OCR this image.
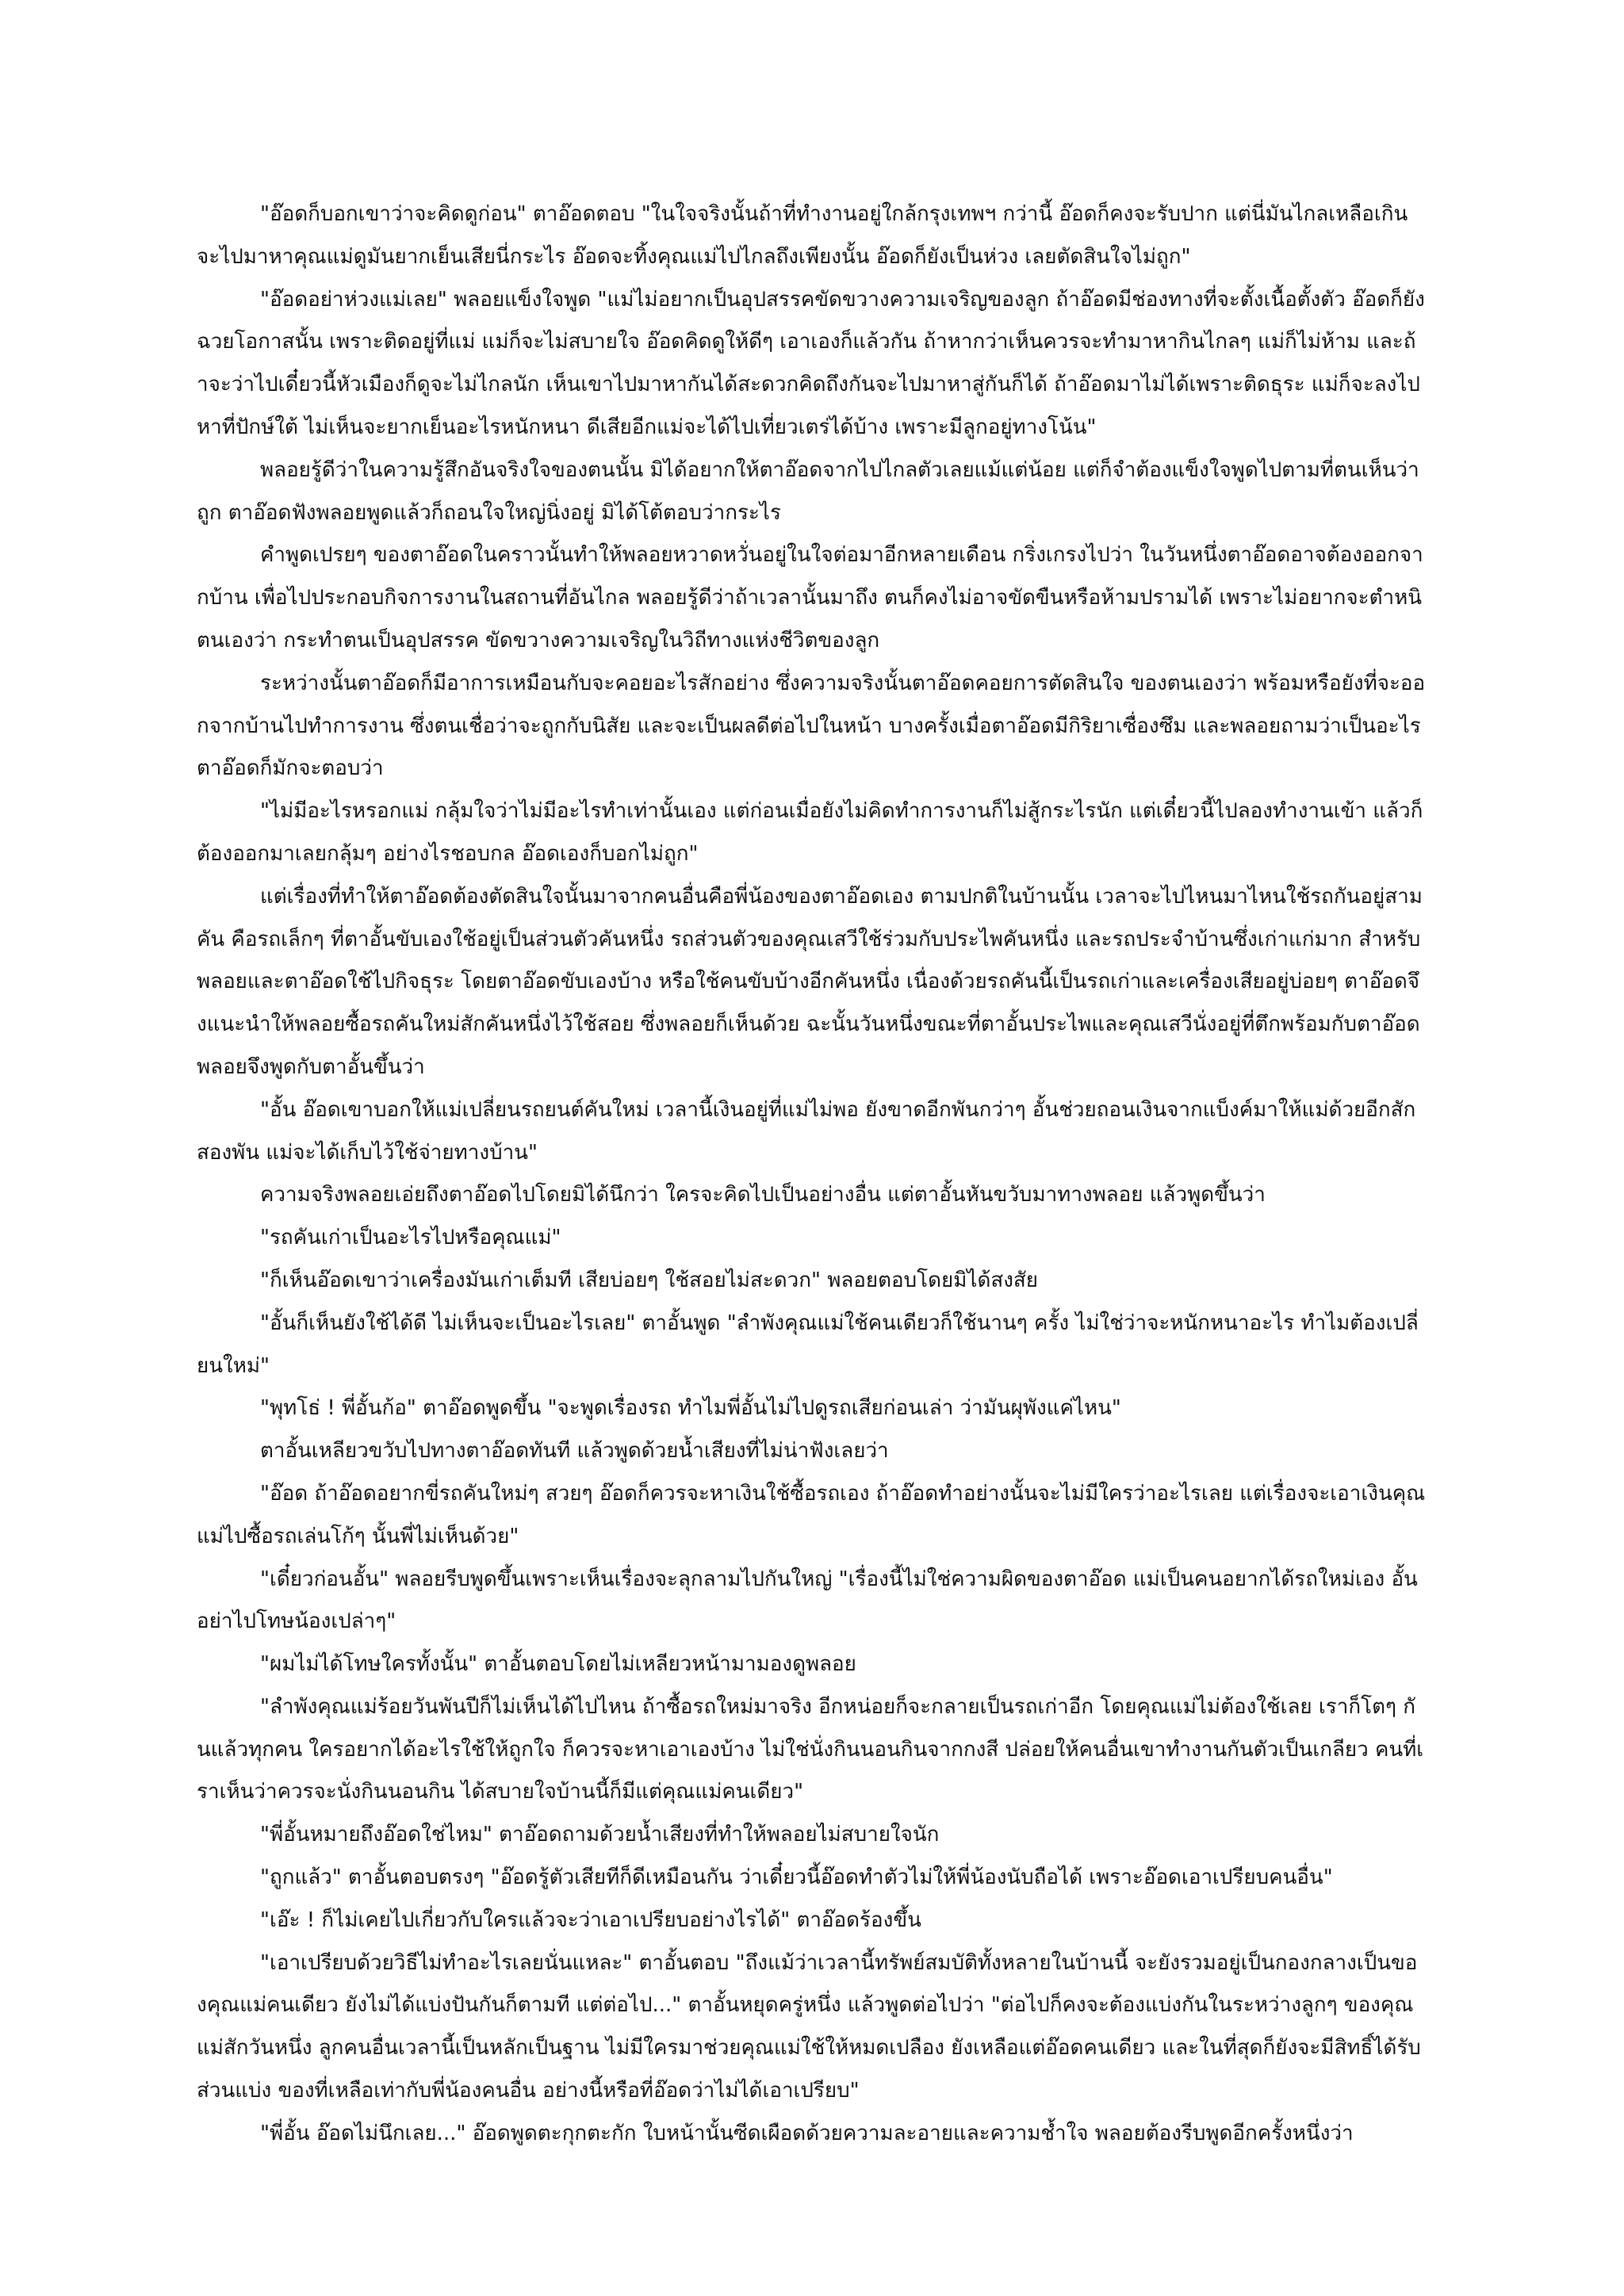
"อ๊อดก็บอกเขาว่าจะคิดดูก่อน" ตาอ๊อดตอบ "ในใจจริงนั้นถ้าที่ทำงานอยู่ใกล้กรุงเทพฯ กว่านี้ อ๊อดก็คงจะรับปาก แต่นี่มันไกลเหลือเกิน จะไปมาหาคุณแม่ดูมันยากเย็นเสียนี่กระไร อ๊อดจะทิ้งคุณแม่ไปไกลถึงเพียงนั้น อ๊อดก็ยังเป็นห่วง เลยตัดสินใจไม่ถูก"

"อ๊อดอย่าห่วงแม่เลย" พลอยแข็งใจพูด "แม่ไม่อยากเป็นอุปสรรคขัดขวางความเจริญของลูก ถ้าอ๊อดมีช่องทางที่จะตั้งเนื้อตั้งตัว อ๊อดก็ยังฉวยโอกาสนั้น เพราะติดอยู่ที่แม่ แม่ก็จะไม่สบายใจ อ๊อดคิดดูให้ดีๆ เอาเองก็แล้วกัน ถ้าหากว่าเห็นควรจะทำมาหากินไกลๆ แม่ก็ไม่ห้าม และถ้าจะว่าไปเดี๋ยวนี้หัวเมืองก็ดูจะไม่ไกลนัก เห็นเขาไปมาหากันได้สะดวกคิดถึงกันจะไปมาหาสู่กันก็ได้ ถ้าอ๊อดมาไม่ได้เพราะติดธุระ แม่ก็จะลงไปหาที่ปักษ์ใต้ ไม่เห็นจะยากเย็นอะไรหนักหนา ดีเสียอีกแม่จะได้ไปเที่ยวเตร่ได้บ้าง เพราะมีลูกอยู่ทางโน้น"

พลอยรู้ดีว่าในความรู้สึกอันจริงใจของตนนั้น มิได้อยากให้ตาอ๊อดจากไปไกลตัวเลยแม้แต่น้อย แต่ก็จำต้องแข็งใจพูดไปตามที่ตนเห็นว่าถูก ตาอ๊อดฟังพลอยพูดแล้วก็ถอนใจใหญ่นิ่งอยู่ มิได้โต้ตอบว่ากระไร

คำพูดเปรยๆ ของตาอ๊อดในคราวนั้นทำให้พลอยหวาดหวั่นอยู่ในใจต่อมาอีกหลายเดือน กริ่งเกรงไปว่า ในวันหนึ่งตาอ๊อดอาจต้องออกจากบ้าน เพื่อไปประกอบกิจการงานในสถานที่อันไกล พลอยรู้ดีว่าถ้าเวลานั้นมาถึง ตนก็คงไม่อาจขัดขืนหรือห้ามปรามได้ เพราะไม่อยากจะตำหนิตนเองว่า กระทำตนเป็นอุปสรรค ขัดขวางความเจริญในวิถีทางแห่งชีวิตของลูก

ระหว่างนั้นตาอ๊อดก็มีอาการเหมือนกับจะคอยอะไรสักอย่าง ซึ่งความจริงนั้นตาอ๊อดคอยการตัดสินใจ ของตนเองว่า พร้อมหรือยังที่จะออกจากบ้านไปทำการงาน ซึ่งตนเชื่อว่าจะถูกกับนิสัย และจะเป็นผลดีต่อไปในหน้า บางครั้งเมื่อตาอ๊อดมีกิริยาเซื่องซึม และพลอยถามว่าเป็นอะไร ตาอ๊อดก็มักจะตอบว่า

"ไม่มีอะไรหรอกแม่ กลุ้มใจว่าไม่มีอะไรทำเท่านั้นเอง แต่ก่อนเมื่อยังไม่คิดทำการงานก็ไม่สู้กระไรนัก แต่เดี๋ยวนี้ไปลองทำงานเข้า แล้วก็ต้องออกมาเลยกลุ้มๆ อย่างไรชอบกล อ๊อดเองก็บอกไม่ถูก"

แต่เรื่องที่ทำให้ตาอ๊อดต้องตัดสินใจนั้นมาจากคนอื่นคือพี่น้องของตาอ๊อดเอง ตามปกติในบ้านนั้น เวลาจะไปไหนมาไหนใช้รถกันอยู่สามคัน คือรถเล็กๆ ที่ตาอั้นขับเองใช้อยู่เป็นส่วนตัวคันหนึ่ง รถส่วนตัวของคุณเสวีใช้ร่วมกับประไพคันหนึ่ง และรถประจำบ้านซึ่งเก่าแก่มาก สำหรับพลอยและตาอ๊อดใช้ไปกิจธุระ โดยตาอ๊อดขับเองบ้าง หรือใช้คนขับบ้างอีกคันหนึ่ง เนื่องด้วยรถคันนี้เป็นรถเก่าและเครื่องเสียอยู่บ่อยๆ ตาอ๊อดจึงแนะนำให้พลอยซื้อรถคันใหม่สักคันหนึ่งไว้ใช้สอย ซึ่งพลอยก็เห็นด้วย ฉะนั้นวันหนึ่งขณะที่ตาอั้นประไพและคุณเสวีนั่งอยู่ที่ตึกพร้อมกับตาอ๊อด พลอยจึงพูดกับตาอั้นขึ้นว่า

"อั้น อ๊อดเขาบอกให้แม่เปลี่ยนรถยนต์คันใหม่ เวลานี้เงินอยู่ที่แม่ไม่พอ ยังขาดอีกพันกว่าๆ อั้นช่วยถอนเงินจากแบ็งค์มาให้แม่ด้วยอีกสักสองพัน แม่จะได้เก็บไว้ใช้จ่ายทางบ้าน"

ความจริงพลอยเอ่ยถึงตาอ๊อดไปโดยมิได้นึกว่า ใครจะคิดไปเป็นอย่างอื่น แต่ตาอั้นหันขวับมาทางพลอย แล้วพูดขึ้นว่า

"รถคันเก่าเป็นอะไรไปหรือคุณแม่"

"ก็เห็นอ๊อดเขาว่าเครื่องมันเก่าเต็มที เสียบ่อยๆ ใช้สอยไม่สะดวก" พลอยตอบโดยมิได้สงสัย

"อั้นก็เห็นยังใช้ได้ดี ไม่เห็นจะเป็นอะไรเลย" ตาอั้นพูด "ลำพังคุณแม่ใช้คนเดียวก็ใช้นานๆ ครั้ง ไม่ใช่ว่าจะหนักหนาอะไร ทำไมต้องเปลี่ยนใหม่"

"พุทโธ่ ! พี่อั้นก้อ" ตาอ๊อดพูดขึ้น "จะพูดเรื่องรถ ทำไมพี่อั้นไม่ไปดูรถเสียก่อนเล่า ว่ามันผุพังแค่ไหน"

ตาอั้นเหลียวขวับไปทางตาอ๊อดทันที แล้วพูดด้วยน้ำเสียงที่ไม่น่าฟังเลยว่า

"อ๊อด ถ้าอ๊อดอยากขี่รถคันใหม่ๆ สวยๆ อ๊อดก็ควรจะหาเงินใช้ซื้อรถเอง ถ้าอ๊อดทำอย่างนั้นจะไม่มีใครว่าอะไรเลย แต่เรื่องจะเอาเงินคุณแม่ไปซื้อรถเล่นโก้ๆ นั้นพี่ไม่เห็นด้วย"

"เดี๋ยวก่อนอั้น" พลอยรีบพูดขึ้นเพราะเห็นเรื่องจะลุกลามไปกันใหญ่ "เรื่องนี้ไม่ใช่ความผิดของตาอ๊อด แม่เป็นคนอยากได้รถใหม่เอง อั้นอย่าไปโทษน้องเปล่าๆ"

"ผมไม่ได้โทษใครทั้งนั้น" ตาอั้นตอบโดยไม่เหลียวหน้ามามองดูพลอย

"ลำพังคุณแม่ร้อยวันพันปีก็ไม่เห็นได้ไปไหน ถ้าซื้อรถใหม่มาจริง อีกหน่อยก็จะกลายเป็นรถเก่าอีก โดยคุณแม่ไม่ต้องใช้เลย เราก็โตๆ กันแล้วทุกคน ใครอยากได้อะไรใช้ให้ถูกใจ ก็ควรจะหาเอาเองบ้าง ไม่ใช่นั่งกินนอนกินจากกงสี ปล่อยให้คนอื่นเขาทำงานกันตัวเป็นเกลียว คนที่เราเห็นว่าควรจะนั่งกินนอนกิน ได้สบายใจบ้านนี้ก็มีแต่คุณแม่คนเดียว"

"พี่อั้นหมายถึงอ๊อดใช่ไหม" ตาอ๊อดถามด้วยน้ำเสียงที่ทำให้พลอยไม่สบายใจนัก

"ถูกแล้ว" ตาอั้นตอบตรงๆ "อ๊อดรู้ตัวเสียทีก็ดีเหมือนกัน ว่าเดี๋ยวนี้อ๊อดทำตัวไม่ให้พี่น้องนับถือได้ เพราะอ๊อดเอาเปรียบคนอื่น"

"เอ๊ะ ! ก็ไม่เคยไปเกี่ยวกับใครแล้วจะว่าเอาเปรียบอย่างไรได้" ตาอ๊อดร้องขึ้น

"เอาเปรียบด้วยวิธีไม่ทำอะไรเลยนั่นแหละ" ตาอั้นตอบ "ถึงแม้ว่าเวลานี้ทรัพย์สมบัติทั้งหลายในบ้านนี้ จะยังรวมอยู่เป็นกองกลางเป็นของคุณแม่คนเดียว ยังไม่ได้แบ่งปันกันก็ตามที แต่ต่อไป..." ตาอั้นหยุดครู่หนึ่ง แล้วพูดต่อไปว่า "ต่อไปก็คงจะต้องแบ่งกันในระหว่างลูกๆ ของคุณแม่สักวันหนึ่ง ลูกคนอื่นเวลานี้เป็นหลักเป็นฐาน ไม่มีใครมาช่วยคุณแม่ใช้ให้หมดเปลือง ยังเหลือแต่อ๊อดคนเดียว และในที่สุดก็ยังจะมีสิทธิ์ได้รับส่วนแบ่ง ของที่เหลือเท่ากับพี่น้องคนอื่น อย่างนี้หรือที่อ๊อดว่าไม่ได้เอาเปรียบ"

"พี่อั้น อ๊อดไม่นึกเลย..." อ๊อดพูดตะกุกตะกัก ใบหน้านั้นซีดเผือดด้วยความละอายและความช้ำใจ พลอยต้องรีบพูดอีกครั้งหนึ่งว่า
